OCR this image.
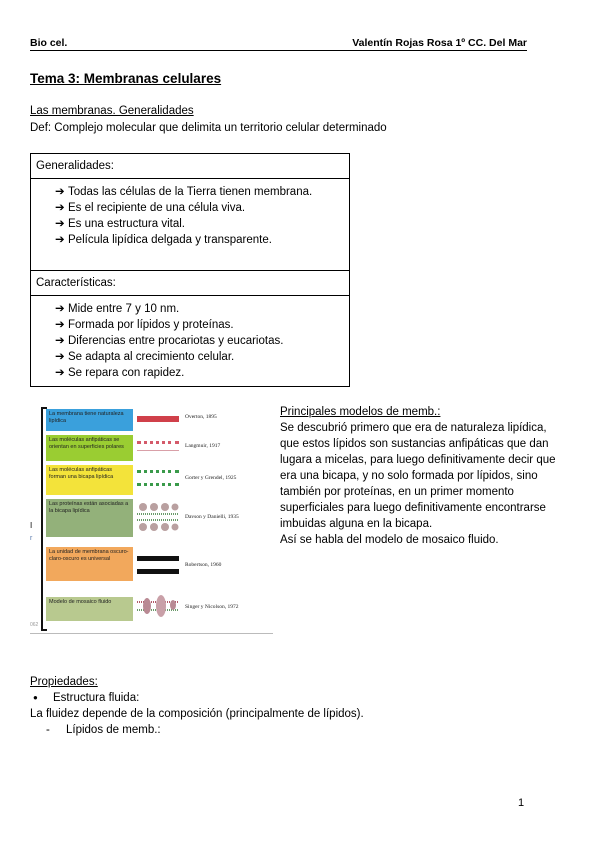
Bio cel.	Valentín Rojas Rosa 1º CC. Del Mar
Tema 3: Membranas celulares
Las membranas. Generalidades
Def: Complejo molecular que delimita un territorio celular determinado
Generalidades:
➔ Todas las células de la Tierra tienen membrana.
➔ Es el recipiente de una célula viva.
➔ Es una estructura vital.
➔ Película lipídica delgada y transparente.
Características:
➔ Mide entre 7 y 10 nm.
➔ Formada por lípidos y proteínas.
➔ Diferencias entre procariotas y eucariotas.
➔ Se adapta al crecimiento celular.
➔ Se repara con rapidez.
I
r
062
La membrana tiene naturaleza lipídica
Overton, 1895
Las moléculas anfipáticas se orientan en superficies polares	Langmuir, 1917
Las moléculas anfipáticas forman una bicapa lipídica	Gorter y Grendel, 1925
Las proteínas están asociadas a la bicapa lipídica
Davson y Danielli, 1935
La unidad de membrana oscuro-claro-oscuro es universal
Robertson, 1960
Modelo de mosaico fluido
Singer y Nicolson, 1972
Principales modelos de memb.:
Se descubrió primero que era de naturaleza lipídica, que estos lípidos son sustancias anfipáticas que dan lugara a micelas, para luego definitivamente decir que era una bicapa, y no solo formada por lípidos, sino también por proteínas, en un primer momento superficiales para luego definitivamente encontrarse imbuidas alguna en la bicapa.
Así se habla del modelo de mosaico fluido.
Propiedades:
● Estructura fluida:
La fluidez depende de la composición (principalmente de lípidos).
- Lípidos de memb.:
1
